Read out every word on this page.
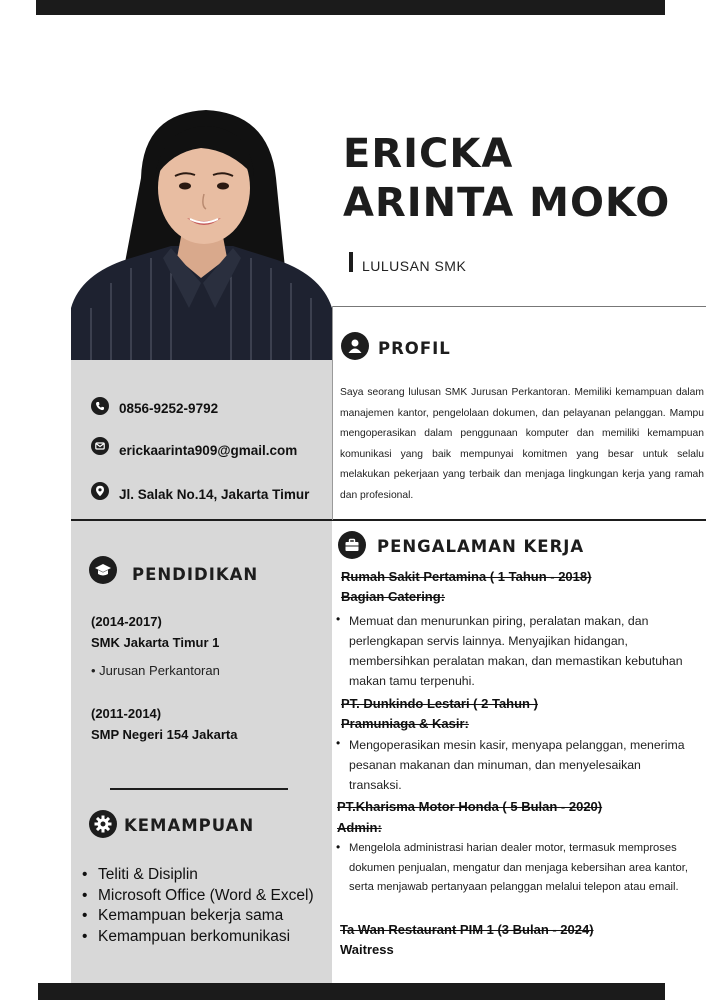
ERICKA
ARINTA MOKO
LULUSAN SMK
PROFIL
Saya seorang lulusan SMK Jurusan Perkantoran. Memiliki kemampuan dalam manajemen kantor, pengelolaan dokumen, dan pelayanan pelanggan. Mampu mengoperasikan dalam penggunaan komputer dan memiliki kemampuan komunikasi yang baik mempunyai komitmen yang besar untuk selalu melakukan pekerjaan yang terbaik dan menjaga lingkungan kerja yang ramah dan profesional.
0856-9252-9792
erickaarinta909@gmail.com
Jl. Salak No.14, Jakarta Timur
PENDIDIKAN
(2014-2017)
SMK Jakarta Timur 1
• Jurusan Perkantoran
(2011-2014)
SMP Negeri 154 Jakarta
KEMAMPUAN
• Teliti & Disiplin
• Microsoft Office (Word & Excel)
• Kemampuan bekerja sama
• Kemampuan berkomunikasi
PENGALAMAN KERJA
Rumah Sakit Pertamina ( 1 Tahun - 2018)
Bagian Catering:
• Memuat dan menurunkan piring, peralatan makan, dan perlengkapan servis lainnya. Menyajikan hidangan, membersihkan peralatan makan, dan memastikan kebutuhan makan tamu terpenuhi.
PT. Dunkindo Lestari ( 2 Tahun )
Pramuniaga & Kasir:
• Mengoperasikan mesin kasir, menyapa pelanggan, menerima pesanan makanan dan minuman, dan menyelesaikan transaksi.
PT.Kharisma Motor Honda ( 5 Bulan - 2020)
Admin:
• Mengelola administrasi harian dealer motor, termasuk memproses dokumen penjualan, mengatur dan menjaga kebersihan area kantor, serta menjawab pertanyaan pelanggan melalui telepon atau email.
Ta Wan Restaurant PIM 1 (3 Bulan - 2024)
Waitress
